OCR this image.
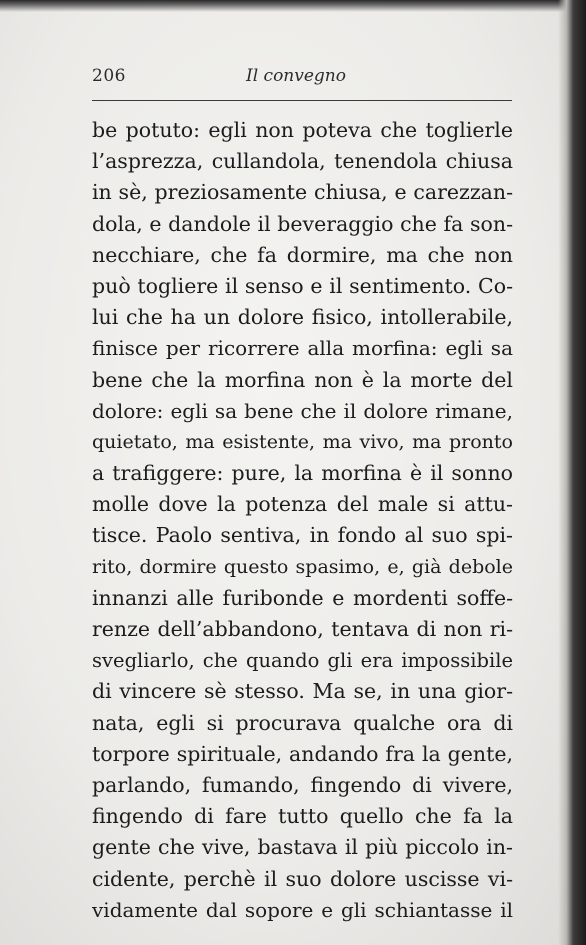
206	Il convegno
be potuto: egli non poteva che toglierle
l’asprezza, cullandola, tenendola chiusa
in sè, preziosamente chiusa, e carezzan-
dola, e dandole il beveraggio che fa son-
necchiare, che fa dormire, ma che non
può togliere il senso e il sentimento. Co-
lui che ha un dolore fisico, intollerabile,
finisce per ricorrere alla morfina: egli sa
bene che la morfina non è la morte del
dolore: egli sa bene che il dolore rimane,
quietato, ma esistente, ma vivo, ma pronto
a trafiggere: pure, la morfina è il sonno
molle dove la potenza del male si attu-
tisce. Paolo sentiva, in fondo al suo spi-
rito, dormire questo spasimo, e, già debole
innanzi alle furibonde e mordenti soffe-
renze dell’abbandono, tentava di non ri-
svegliarlo, che quando gli era impossibile
di vincere sè stesso. Ma se, in una gior-
nata, egli si procurava qualche ora di
torpore spirituale, andando fra la gente,
parlando, fumando, fingendo di vivere,
fingendo di fare tutto quello che fa la
gente che vive, bastava il più piccolo in-
cidente, perchè il suo dolore uscisse vi-
vidamente dal sopore e gli schiantasse il
